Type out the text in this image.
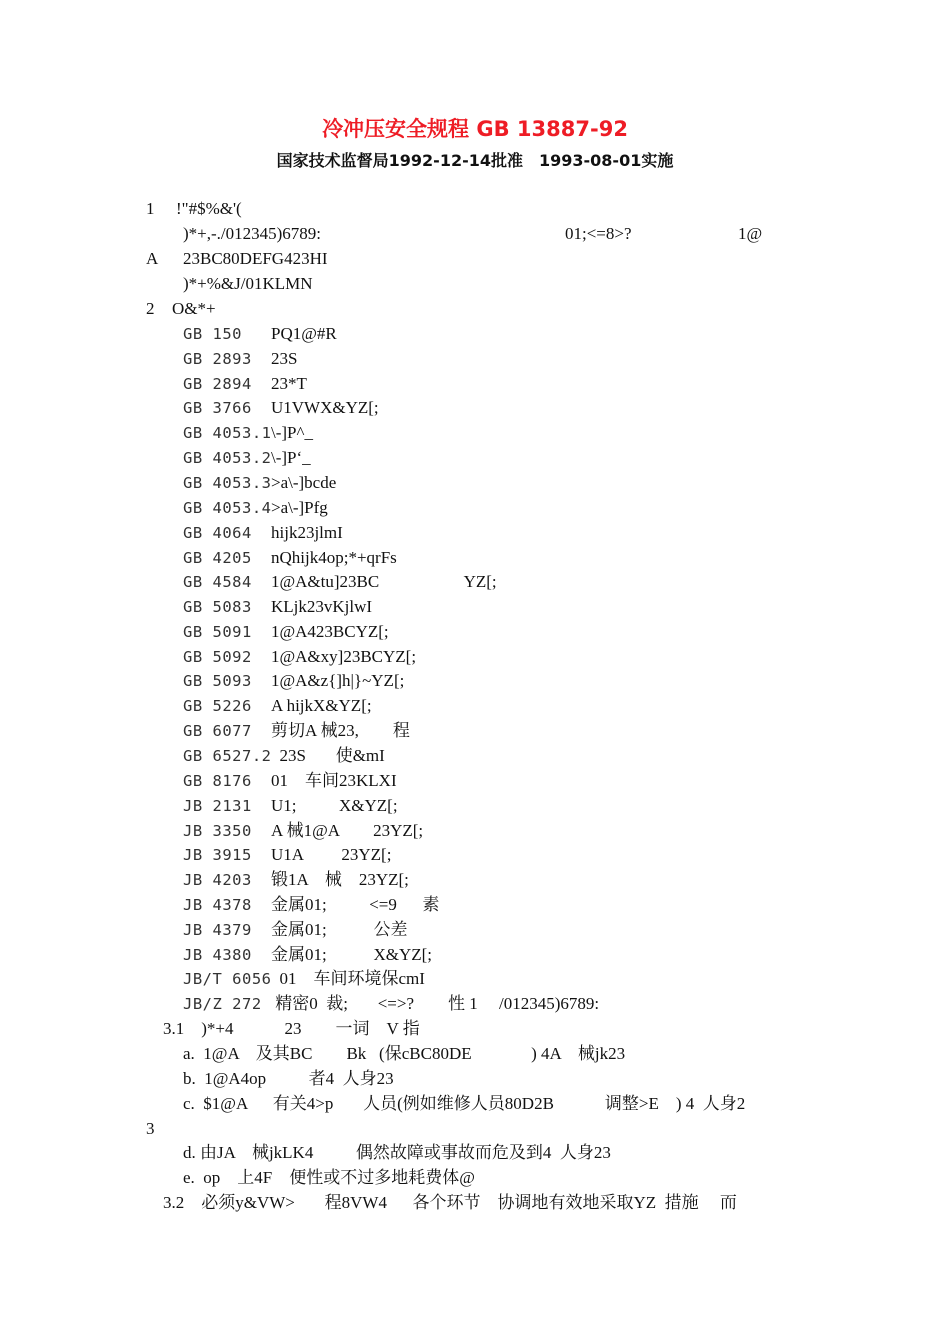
冷冲压安全规程 GB 13887-92
国家技术监督局1992-12-14批准　1993-08-01实施
1 !"#$%&'(
)*+,-./012345)6789:	01;<=8>?	1@
A 23BC80DEFG423HI
)*+%&J/01KLMN
2 O&*+
GB 150 PQ1@#R
GB 2893 23S
GB 2894 23*T
GB 3766 U1VWX&YZ[;
GB 4053.1\-]P^_
GB 4053.2\-]P‘_
GB 4053.3>a\-]bcde
GB 4053.4>a\-]Pfg
GB 4064 hijk23jlmI
GB 4205 nQhijk4op;*+qrFs
GB 4584 1@A&tu]23BC                    YZ[;
GB 5083 KLjk23vKjlwI
GB 5091 1@A423BCYZ[;
GB 5092 1@A&xy]23BCYZ[;
GB 5093 1@A&z{]h|}~YZ[;
GB 5226 A hijkX&YZ[;
GB 6077 剪切A 械23,        程
GB 6527.2  23S       使&mI
GB 8176 01    车间23KLXI
JB 2131 U1;          X&YZ[;
JB 3350 A 械1@A        23YZ[;
JB 3915 U1A         23YZ[;
JB 4203 锻1A    械    23YZ[;
JB 4378 金属01;          <=9      素
JB 4379 金属01;           公差
JB 4380 金属01;           X&YZ[;
JB/T 6056  01    车间环境保cmI
JB/Z 272 精密0  裁;       <=>?        性 1     /012345)6789:
3.1    )*+4            23        一词    V 指
a.  1@A    及其BC        Bk   (保cBC80DE              ) 4A    械jk23
b.  1@A4op          者4  人身23
c.  $1@A      有关4>p       人员(例如维修人员80D2B            调整>E    ) 4  人身2
3
d. 由JA    械jkLK4          偶然故障或事故而危及到4  人身23
e.  op    上4F    便性或不过多地耗费体@
3.2    必须y&VW>       程8VW4      各个环节    协调地有效地采取YZ  措施     而
